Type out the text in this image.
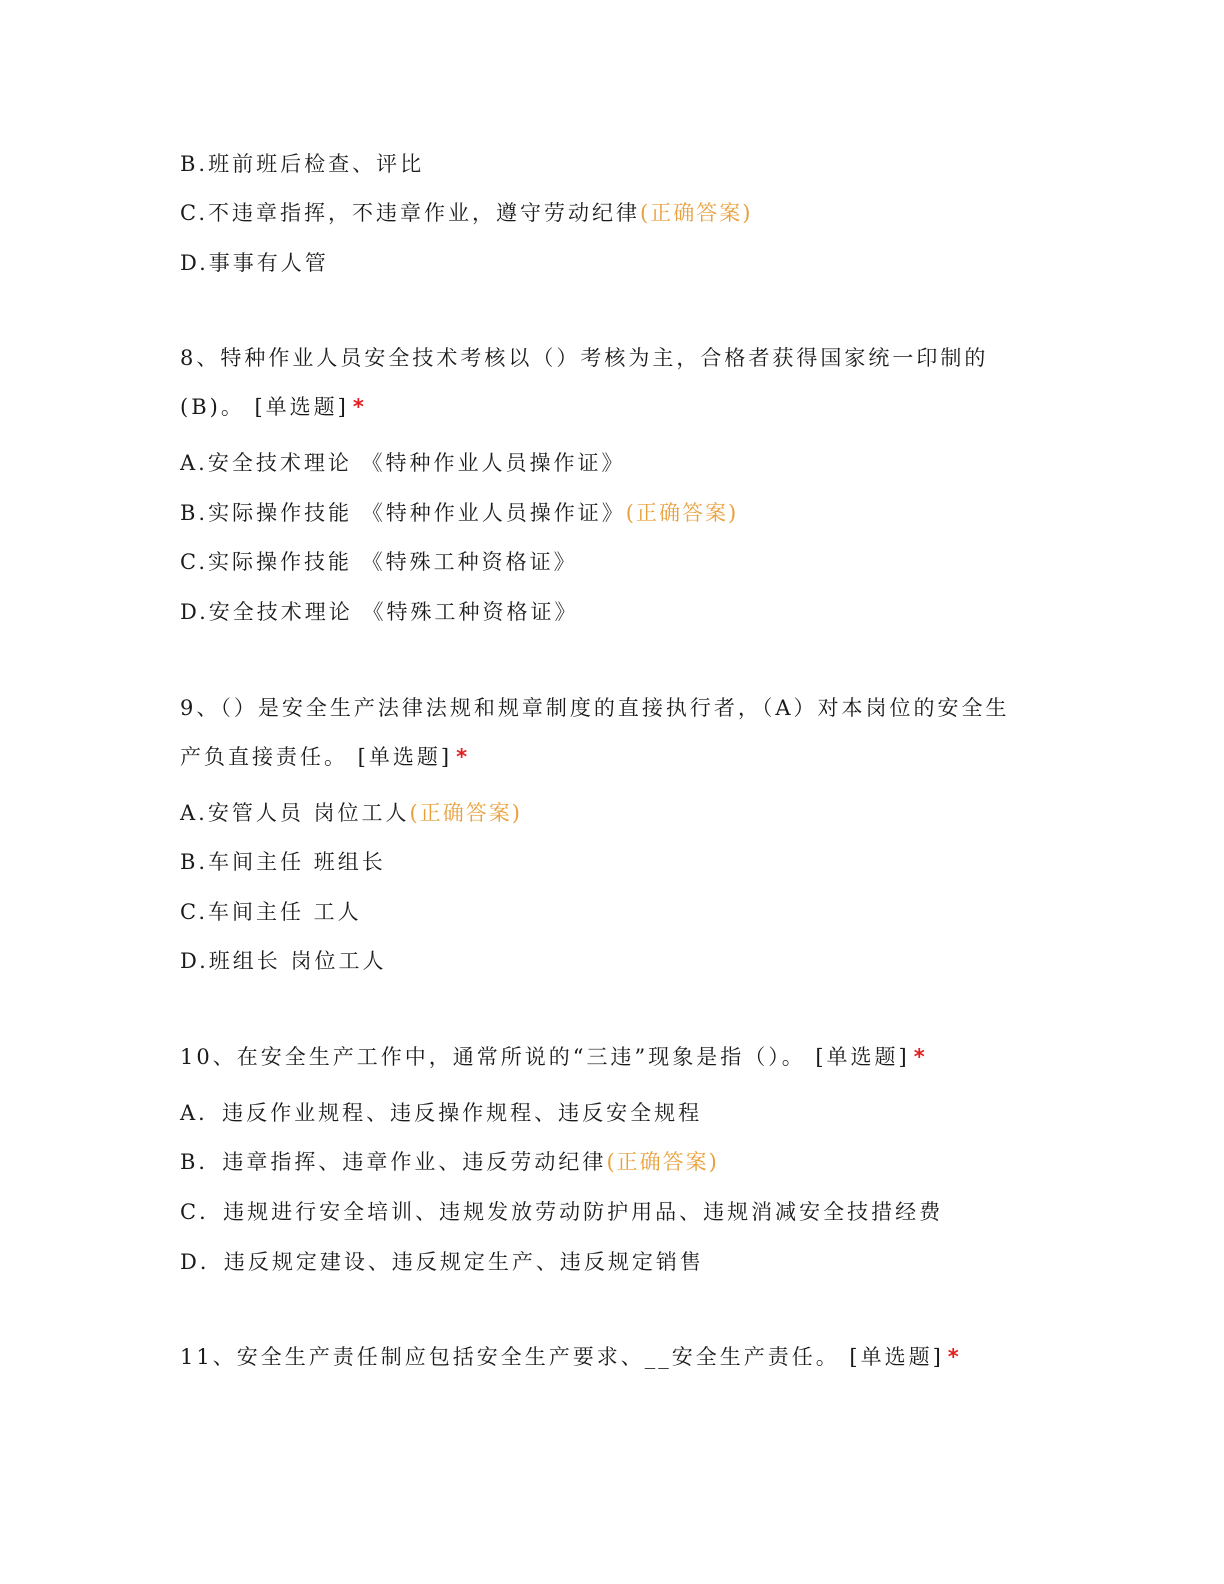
B.班前班后检查、评比
C.不违章指挥，不违章作业，遵守劳动纪律(正确答案)
D.事事有人管
8、特种作业人员安全技术考核以（）考核为主，合格者获得国家统一印制的
(B)。 [单选题] *
A.安全技术理论 《特种作业人员操作证》
B.实际操作技能 《特种作业人员操作证》(正确答案)
C.实际操作技能 《特殊工种资格证》
D.安全技术理论 《特殊工种资格证》
9、（）是安全生产法律法规和规章制度的直接执行者，（A）对本岗位的安全生
产负直接责任。 [单选题] *
A.安管人员 岗位工人(正确答案)
B.车间主任 班组长
C.车间主任 工人
D.班组长 岗位工人
10、在安全生产工作中，通常所说的“三违”现象是指（）。 [单选题] *
A．违反作业规程、违反操作规程、违反安全规程
B．违章指挥、违章作业、违反劳动纪律(正确答案)
C．违规进行安全培训、违规发放劳动防护用品、违规消减安全技措经费
D．违反规定建设、违反规定生产、违反规定销售
11、安全生产责任制应包括安全生产要求、__安全生产责任。 [单选题] *
